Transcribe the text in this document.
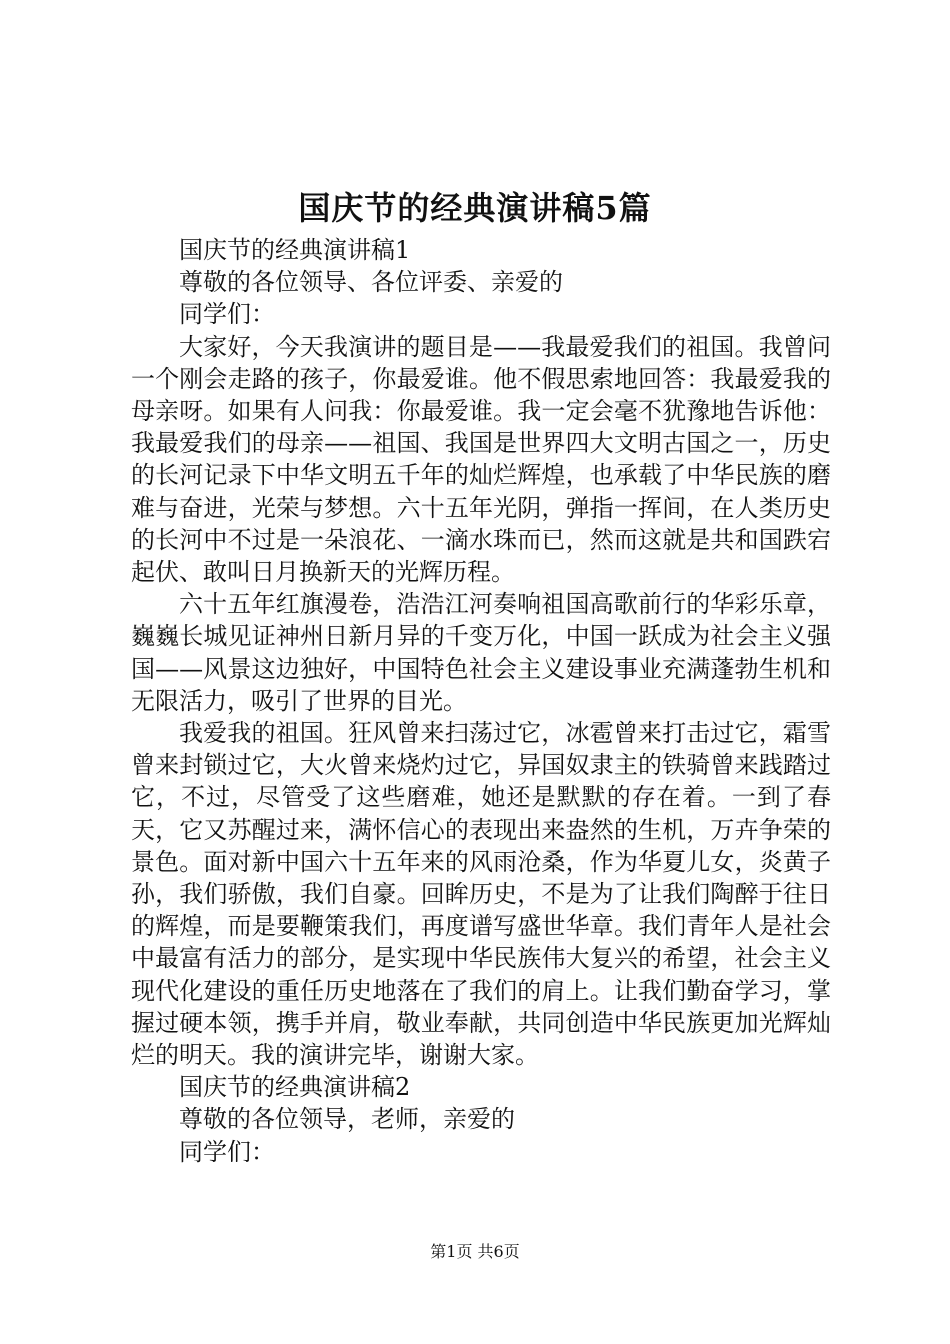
国庆节的经典演讲稿5篇

国庆节的经典演讲稿1

尊敬的各位领导、各位评委、亲爱的

同学们：

大家好，今天我演讲的题目是——我最爱我们的祖国。我曾问一个刚会走路的孩子，你最爱谁。他不假思索地回答：我最爱我的母亲呀。如果有人问我：你最爱谁。我一定会毫不犹豫地告诉他：我最爱我们的母亲——祖国、我国是世界四大文明古国之一，历史的长河记录下中华文明五千年的灿烂辉煌，也承载了中华民族的磨难与奋进，光荣与梦想。六十五年光阴，弹指一挥间，在人类历史的长河中不过是一朵浪花、一滴水珠而已，然而这就是共和国跌宕起伏、敢叫日月换新天的光辉历程。

六十五年红旗漫卷，浩浩江河奏响祖国高歌前行的华彩乐章，巍巍长城见证神州日新月异的千变万化，中国一跃成为社会主义强国——风景这边独好，中国特色社会主义建设事业充满蓬勃生机和无限活力，吸引了世界的目光。

我爱我的祖国。狂风曾来扫荡过它，冰雹曾来打击过它，霜雪曾来封锁过它，大火曾来烧灼过它，异国奴隶主的铁骑曾来践踏过它，不过，尽管受了这些磨难，她还是默默的存在着。一到了春天，它又苏醒过来，满怀信心的表现出来盎然的生机，万卉争荣的景色。面对新中国六十五年来的风雨沧桑，作为华夏儿女，炎黄子孙，我们骄傲，我们自豪。回眸历史，不是为了让我们陶醉于往日的辉煌，而是要鞭策我们，再度谱写盛世华章。我们青年人是社会中最富有活力的部分，是实现中华民族伟大复兴的希望，社会主义现代化建设的重任历史地落在了我们的肩上。让我们勤奋学习，掌握过硬本领，携手并肩，敬业奉献，共同创造中华民族更加光辉灿烂的明天。我的演讲完毕，谢谢大家。

国庆节的经典演讲稿2

尊敬的各位领导，老师，亲爱的

同学们：

第1页 共6页
